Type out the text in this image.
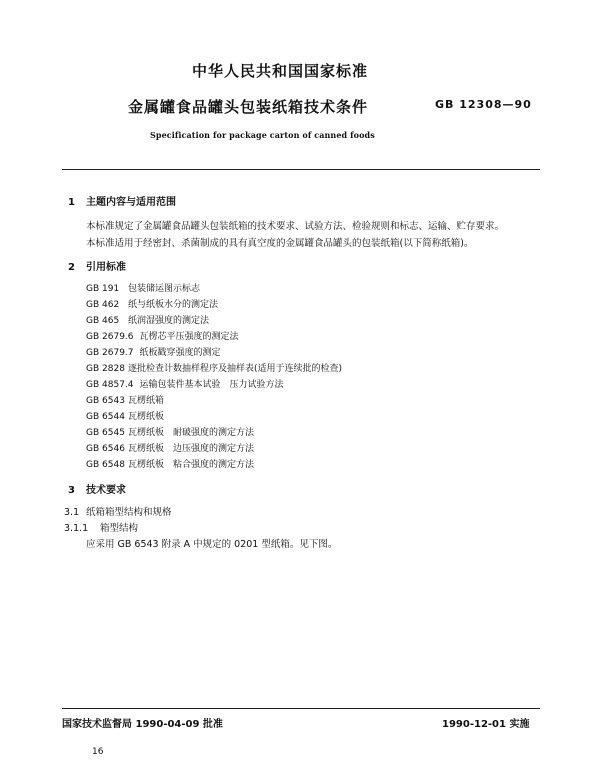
中华人民共和国国家标准
金属罐食品罐头包装纸箱技术条件	GB 12308—90
Specification for package carton of canned foods
1 主题内容与适用范围
本标准规定了金属罐食品罐头包装纸箱的技术要求、试验方法、检验规则和标志、运输、贮存要求。
本标准适用于经密封、杀菌制成的具有真空度的金属罐食品罐头的包装纸箱(以下简称纸箱)。
2 引用标准
GB 191 包装储运图示标志
GB 462 纸与纸板水分的测定法
GB 465 纸润湿强度的测定法
GB 2679.6 瓦楞芯平压强度的测定法
GB 2679.7 纸板戳穿强度的测定
GB 2828 逐批检查计数抽样程序及抽样表(适用于连续批的检查)
GB 4857.4 运输包装件基本试验　压力试验方法
GB 6543 瓦楞纸箱
GB 6544 瓦楞纸板
GB 6545 瓦楞纸板　耐破强度的测定方法
GB 6546 瓦楞纸板　边压强度的测定方法
GB 6548 瓦楞纸板　粘合强度的测定方法
3 技术要求
3.1 纸箱箱型结构和规格
3.1.1 箱型结构
应采用 GB 6543 附录 A 中规定的 0201 型纸箱。见下图。
国家技术监督局 1990-04-09 批准	1990-12-01 实施
16
